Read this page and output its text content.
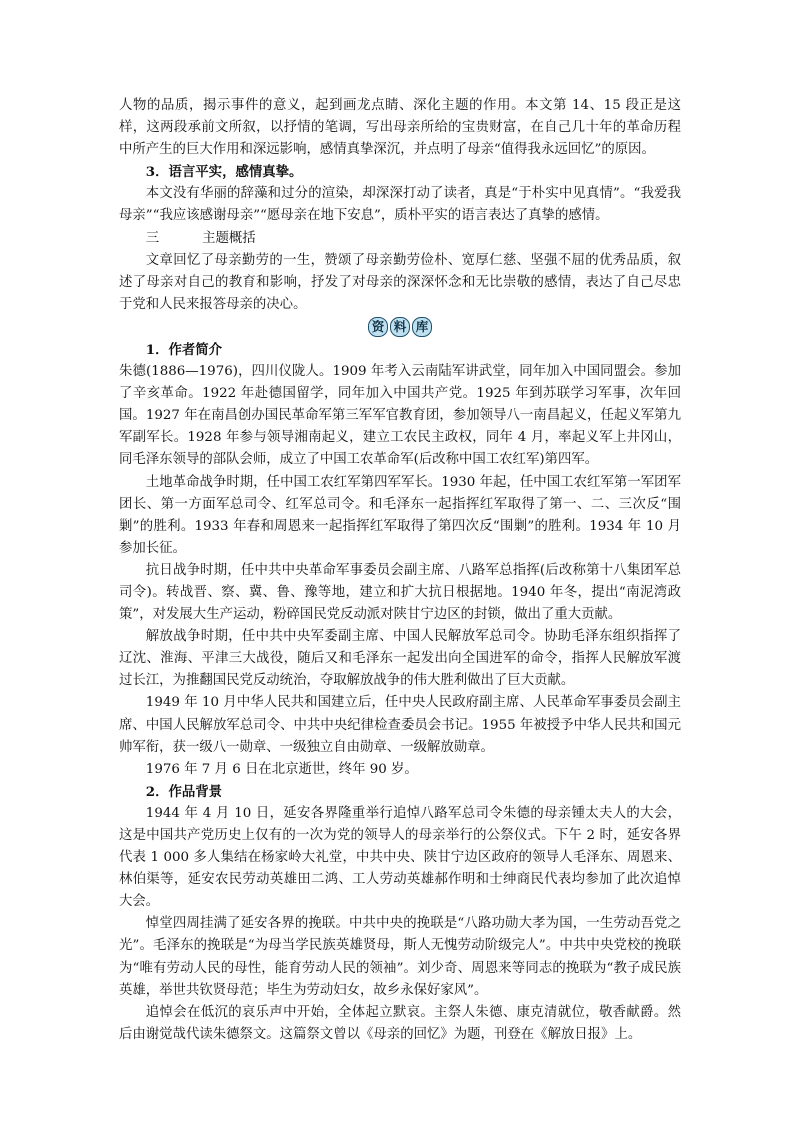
人物的品质，揭示事件的意义，起到画龙点睛、深化主题的作用。本文第 14、15 段正是这样，这两段承前文所叙，以抒情的笔调，写出母亲所给的宝贵财富，在自己几十年的革命历程中所产生的巨大作用和深远影响，感情真挚深沉，并点明了母亲“值得我永远回忆”的原因。

3．语言平实，感情真挚。

本文没有华丽的辞藻和过分的渲染，却深深打动了读者，真是“于朴实中见真情”。“我爱我母亲”“我应该感谢母亲”“愿母亲在地下安息”，质朴平实的语言表达了真挚的感情。

三	主题概括

文章回忆了母亲勤劳的一生，赞颂了母亲勤劳俭朴、宽厚仁慈、坚强不屈的优秀品质，叙述了母亲对自己的教育和影响，抒发了对母亲的深深怀念和无比崇敬的感情，表达了自己尽忠于党和人民来报答母亲的决心。

资 料 库

1．作者简介

朱德(1886—1976)，四川仪陇人。1909 年考入云南陆军讲武堂，同年加入中国同盟会。参加了辛亥革命。1922 年赴德国留学，同年加入中国共产党。1925 年到苏联学习军事，次年回国。1927 年在南昌创办国民革命军第三军军官教育团，参加领导八一南昌起义，任起义军第九军副军长。1928 年参与领导湘南起义，建立工农民主政权，同年 4 月，率起义军上井冈山，同毛泽东领导的部队会师，成立了中国工农革命军(后改称中国工农红军)第四军。

土地革命战争时期，任中国工农红军第四军军长。1930 年起，任中国工农红军第一军团军团长、第一方面军总司令、红军总司令。和毛泽东一起指挥红军取得了第一、二、三次反“围剿”的胜利。1933 年春和周恩来一起指挥红军取得了第四次反“围剿”的胜利。1934 年 10 月参加长征。

抗日战争时期，任中共中央革命军事委员会副主席、八路军总指挥(后改称第十八集团军总司令)。转战晋、察、冀、鲁、豫等地，建立和扩大抗日根据地。1940 年冬，提出“南泥湾政策”，对发展大生产运动，粉碎国民党反动派对陕甘宁边区的封锁，做出了重大贡献。

解放战争时期，任中共中央军委副主席、中国人民解放军总司令。协助毛泽东组织指挥了辽沈、淮海、平津三大战役，随后又和毛泽东一起发出向全国进军的命令，指挥人民解放军渡过长江，为推翻国民党反动统治，夺取解放战争的伟大胜利做出了巨大贡献。

1949 年 10 月中华人民共和国建立后，任中央人民政府副主席、人民革命军事委员会副主席、中国人民解放军总司令、中共中央纪律检查委员会书记。1955 年被授予中华人民共和国元帅军衔，获一级八一勋章、一级独立自由勋章、一级解放勋章。

1976 年 7 月 6 日在北京逝世，终年 90 岁。

2．作品背景

1944 年 4 月 10 日，延安各界隆重举行追悼八路军总司令朱德的母亲锺太夫人的大会，这是中国共产党历史上仅有的一次为党的领导人的母亲举行的公祭仪式。下午 2 时，延安各界代表 1 000 多人集结在杨家岭大礼堂，中共中央、陕甘宁边区政府的领导人毛泽东、周恩来、林伯渠等，延安农民劳动英雄田二鸿、工人劳动英雄郝作明和士绅商民代表均参加了此次追悼大会。

悼堂四周挂满了延安各界的挽联。中共中央的挽联是“八路功勋大孝为国，一生劳动吾党之光”。毛泽东的挽联是“为母当学民族英雄贤母，斯人无愧劳动阶级完人”。中共中央党校的挽联为“唯有劳动人民的母性，能育劳动人民的领袖”。刘少奇、周恩来等同志的挽联为“教子成民族英雄，举世共钦贤母范；毕生为劳动妇女，故乡永保好家风”。

追悼会在低沉的哀乐声中开始，全体起立默哀。主祭人朱德、康克清就位，敬香献爵。然后由谢觉哉代读朱德祭文。这篇祭文曾以《母亲的回忆》为题，刊登在《解放日报》上。
